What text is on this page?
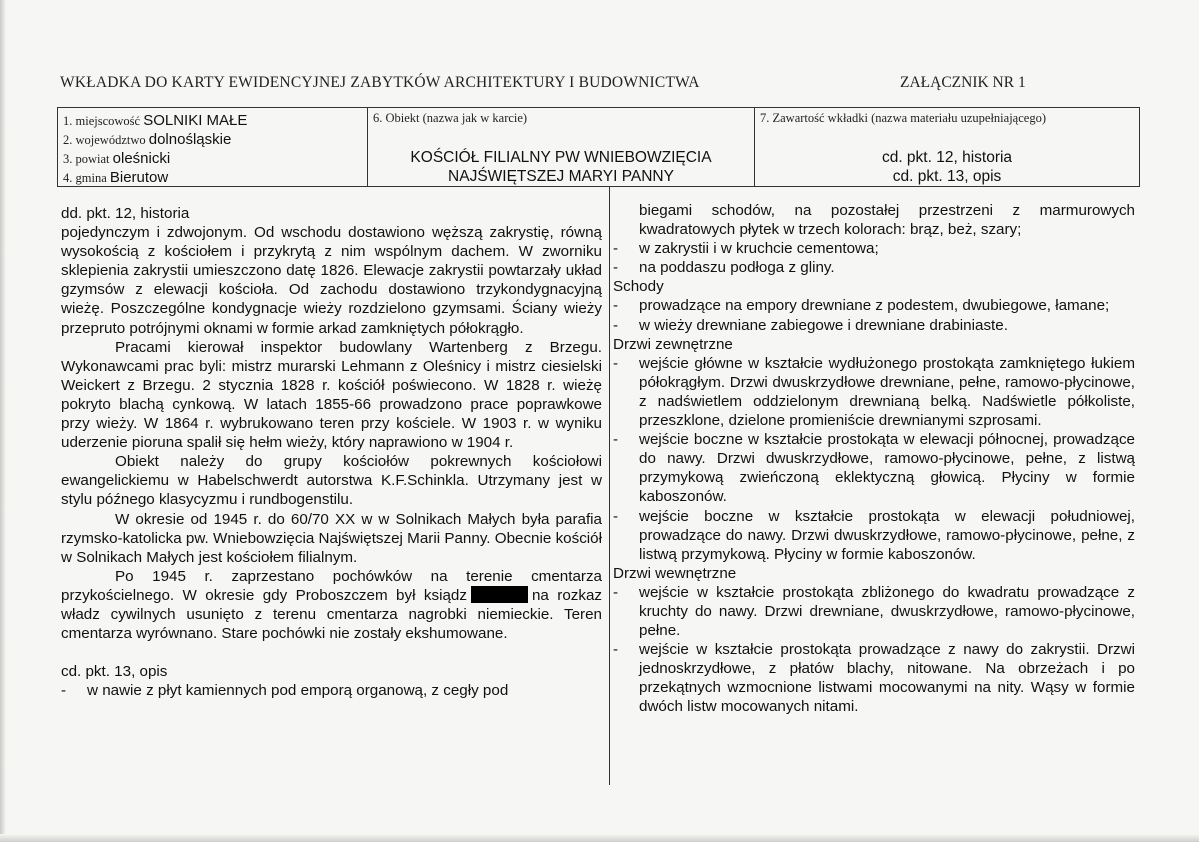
WKŁADKA DO KARTY EWIDENCYJNEJ ZABYTKÓW ARCHITEKTURY I BUDOWNICTWA	ZAŁĄCZNIK NR 1
1. miejscowość SOLNIKI MAŁE
2. województwo dolnośląskie
3. powiat oleśnicki
4. gmina Bierutow
6. Obiekt (nazwa jak w karcie)
KOŚCIÓŁ FILIALNY PW WNIEBOWZIĘCIA
NAJŚWIĘTSZEJ MARYI PANNY
7. Zawartość wkładki (nazwa materiału uzupełniającego)
cd. pkt. 12, historia
cd. pkt. 13, opis

dd. pkt. 12, historia

pojedynczym i zdwojonym. Od wschodu dostawiono węższą zakrystię, równą wysokością z kościołem i przykrytą z nim wspólnym dachem. W zworniku sklepienia zakrystii umieszczono datę 1826. Elewacje zakrystii powtarzały układ gzymsów z elewacji kościoła. Od zachodu dostawiono trzykondygnacyjną wieżę. Poszczególne kondygnacje wieży rozdzielono gzymsami. Ściany wieży przepruto potrójnymi oknami w formie arkad zamkniętych półokrągło.

Pracami kierował inspektor budowlany Wartenberg z Brzegu. Wykonawcami prac byli: mistrz murarski Lehmann z Oleśnicy i mistrz ciesielski Weickert z Brzegu. 2 stycznia 1828 r. kościół poświecono. W 1828 r. wieżę pokryto blachą cynkową. W latach 1855-66 prowadzono prace poprawkowe przy wieży. W 1864 r. wybrukowano teren przy kościele. W 1903 r. w wyniku uderzenie pioruna spalił się hełm wieży, który naprawiono w 1904 r.

Obiekt należy do grupy kościołów pokrewnych kościołowi ewangelickiemu w Habelschwerdt autorstwa K.F.Schinkla. Utrzymany jest w stylu późnego klasycyzmu i rundbogenstilu.

W okresie od 1945 r. do 60/70 XX w w Solnikach Małych była parafia rzymsko-katolicka pw. Wniebowzięcia Najświętszej Marii Panny. Obecnie kościół w Solnikach Małych jest kościołem filialnym.

Po 1945 r. zaprzestano pochówków na terenie cmentarza przykościelnego. W okresie gdy Proboszczem był ksiądz	na rozkaz władz cywilnych usunięto z terenu cmentarza nagrobki niemieckie. Teren cmentarza wyrównano. Stare pochówki nie zostały ekshumowane.

cd. pkt. 13, opis

-	w nawie z płyt kamiennych pod emporą organową, z cegły pod
biegami schodów, na pozostałej przestrzeni z marmurowych kwadratowych płytek w trzech kolorach: brąz, beż, szary;
-	w zakrystii i w kruchcie cementowa;
-	na poddaszu podłoga z gliny.

Schody

-	prowadzące na empory drewniane z podestem, dwubiegowe, łamane;
-	w wieży drewniane zabiegowe i drewniane drabiniaste.

Drzwi zewnętrzne

-	wejście główne w kształcie wydłużonego prostokąta zamkniętego łukiem półokrągłym. Drzwi dwuskrzydłowe drewniane, pełne, ramowo-płycinowe, z nadświetlem oddzielonym drewnianą belką. Nadświetle półkoliste, przeszklone, dzielone promieniście drewnianymi szprosami.
-	wejście boczne w kształcie prostokąta w elewacji północnej, prowadzące do nawy. Drzwi dwuskrzydłowe, ramowo-płycinowe, pełne, z listwą przymykową zwieńczoną eklektyczną głowicą. Płyciny w formie kaboszonów.
-	wejście boczne w kształcie prostokąta w elewacji południowej, prowadzące do nawy. Drzwi dwuskrzydłowe, ramowo-płycinowe, pełne, z listwą przymykową. Płyciny w formie kaboszonów.

Drzwi wewnętrzne

-	wejście w kształcie prostokąta zbliżonego do kwadratu prowadzące z kruchty do nawy. Drzwi drewniane, dwuskrzydłowe, ramowo-płycinowe, pełne.
-	wejście w kształcie prostokąta prowadzące z nawy do zakrystii. Drzwi jednoskrzydłowe, z płatów blachy, nitowane. Na obrzeżach i po przekątnych wzmocnione listwami mocowanymi na nity. Wąsy w formie dwóch listw mocowanych nitami.
